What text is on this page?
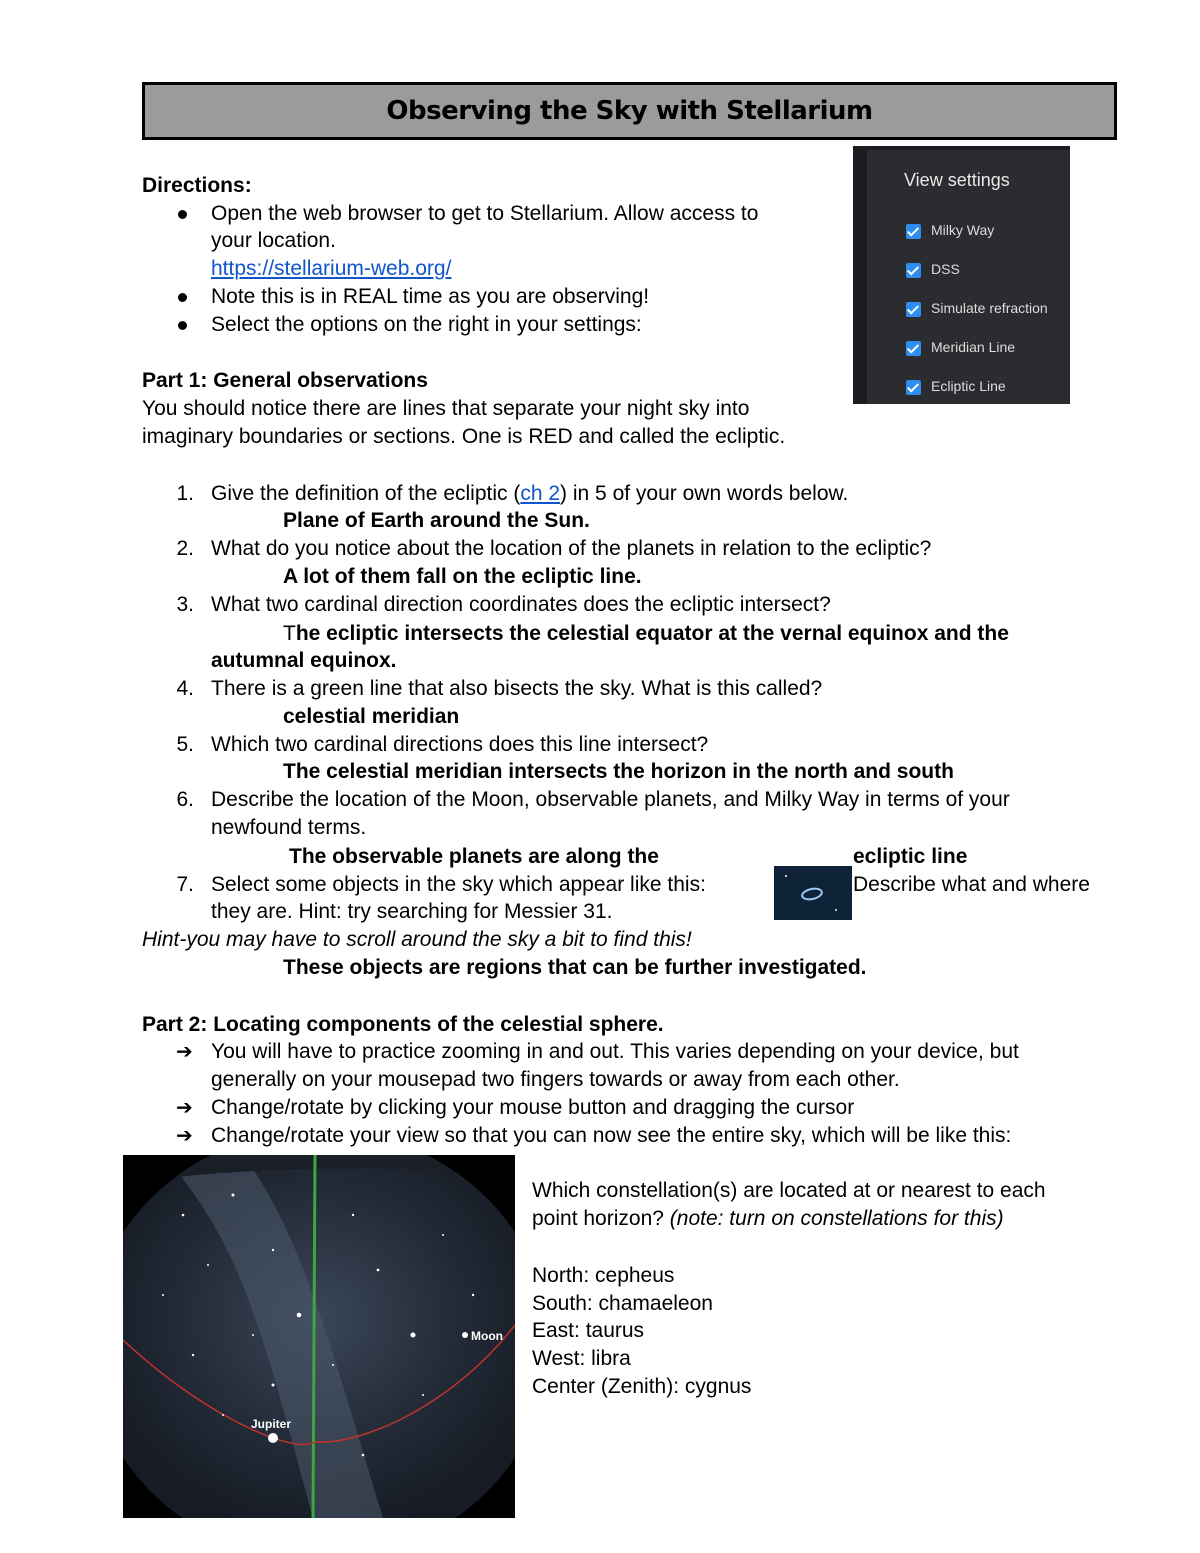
Observing the Sky with Stellarium
Directions:
Open the web browser to get to Stellarium. Allow access to
your location.
https://stellarium-web.org/
Note this is in REAL time as you are observing!
Select the options on the right in your settings:
View settings
Milky Way
DSS
Simulate refraction
Meridian Line
Ecliptic Line
Part 1: General observations
You should notice there are lines that separate your night sky into
imaginary boundaries or sections. One is RED and called the ecliptic.
1. Give the definition of the ecliptic (ch 2) in 5 of your own words below.
Plane of Earth around the Sun.
2. What do you notice about the location of the planets in relation to the ecliptic?
A lot of them fall on the ecliptic line.
3. What two cardinal direction coordinates does the ecliptic intersect?
The ecliptic intersects the celestial equator at the vernal equinox and the
autumnal equinox.
4. There is a green line that also bisects the sky. What is this called?
celestial meridian
5. Which two cardinal directions does this line intersect?
The celestial meridian intersects the horizon in the north and south
6. Describe the location of the Moon, observable planets, and Milky Way in terms of your
newfound terms.
The observable planets are along the	ecliptic line
7. Select some objects in the sky which appear like this:	Describe what and where
they are. Hint: try searching for Messier 31.
Hint-you may have to scroll around the sky a bit to find this!
These objects are regions that can be further investigated.
Part 2: Locating components of the celestial sphere.
➔ You will have to practice zooming in and out. This varies depending on your device, but
generally on your mousepad two fingers towards or away from each other.
➔ Change/rotate by clicking your mouse button and dragging the cursor
➔ Change/rotate your view so that you can now see the entire sky, which will be like this:
Moon
Jupiter
Which constellation(s) are located at or nearest to each
point horizon? (note: turn on constellations for this)
North: cepheus
South: chamaeleon
East: taurus
West: libra
Center (Zenith): cygnus
